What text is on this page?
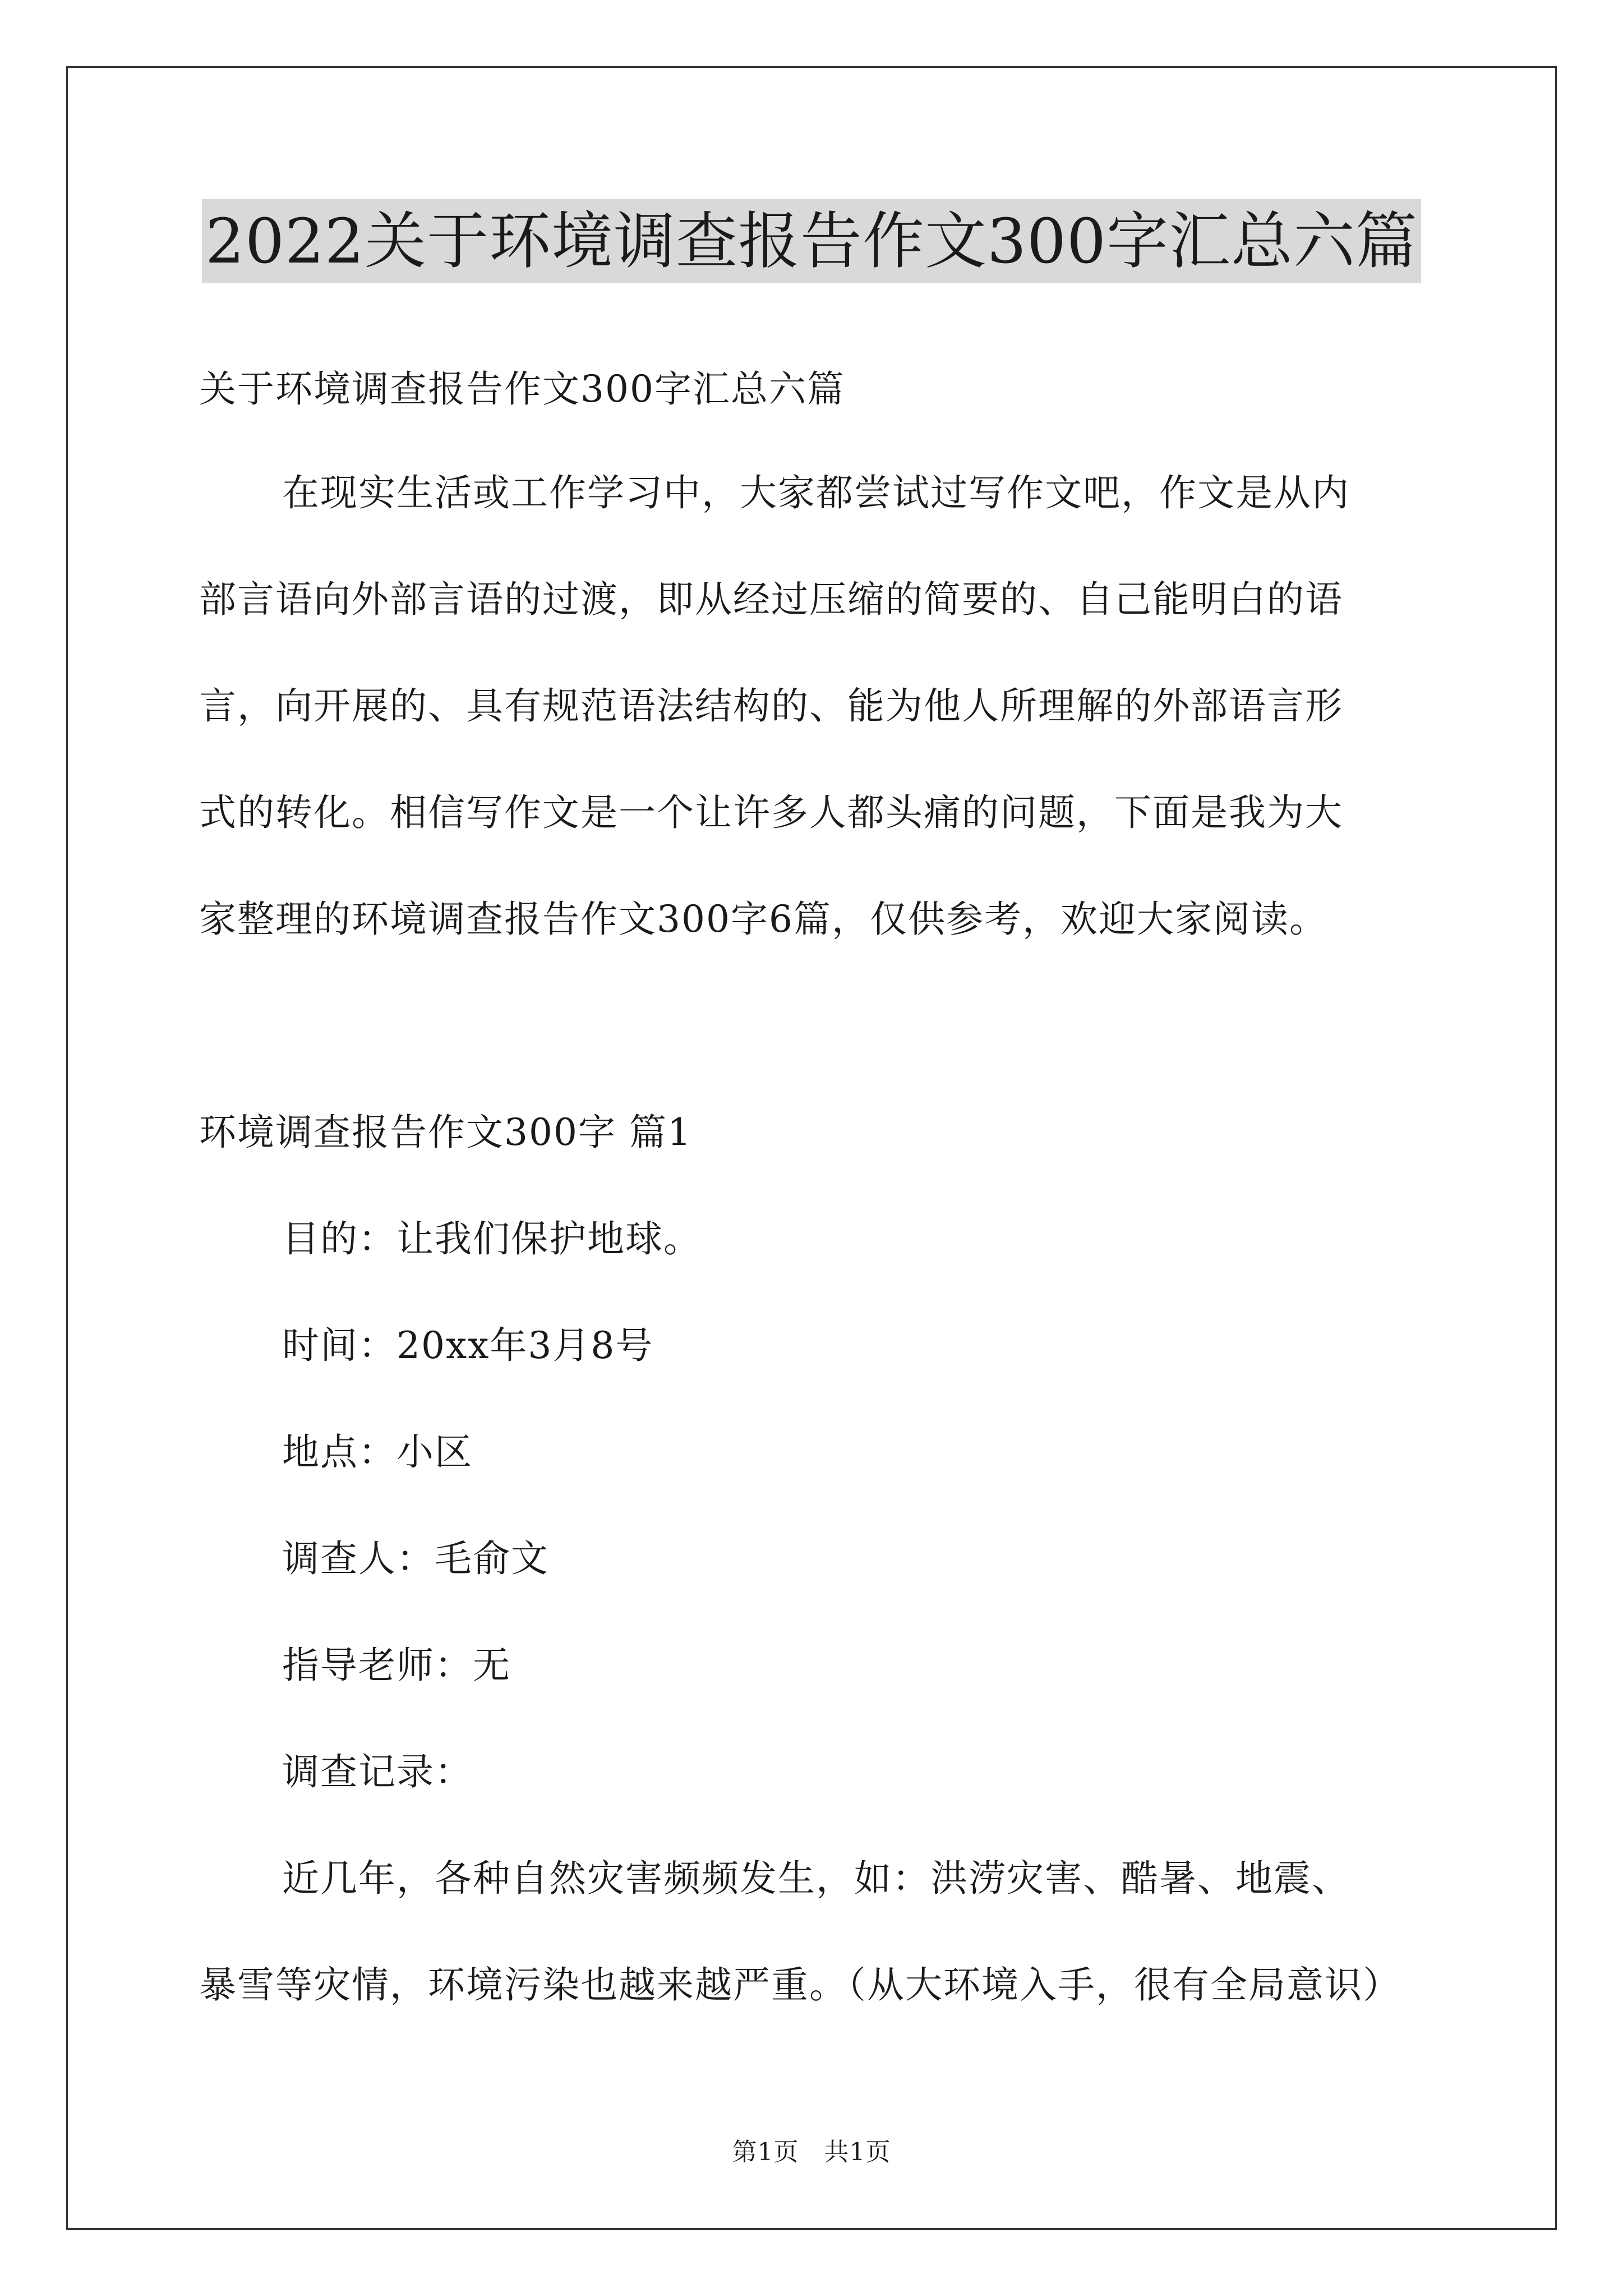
2022关于环境调查报告作文300字汇总六篇
关于环境调查报告作文300字汇总六篇
在现实生活或工作学习中，大家都尝试过写作文吧，作文是从内
部言语向外部言语的过渡，即从经过压缩的简要的、自己能明白的语
言，向开展的、具有规范语法结构的、能为他人所理解的外部语言形
式的转化。相信写作文是一个让许多人都头痛的问题，下面是我为大
家整理的环境调查报告作文300字6篇，仅供参考，欢迎大家阅读。
环境调查报告作文300字 篇1
目的：让我们保护地球。
时间：20xx年3月8号
地点：小区
调查人：毛俞文
指导老师：无
调查记录：
近几年，各种自然灾害频频发生，如：洪涝灾害、酷暑、地震、
暴雪等灾情，环境污染也越来越严重。（从大环境入手，很有全局意识）
第1页　共1页
